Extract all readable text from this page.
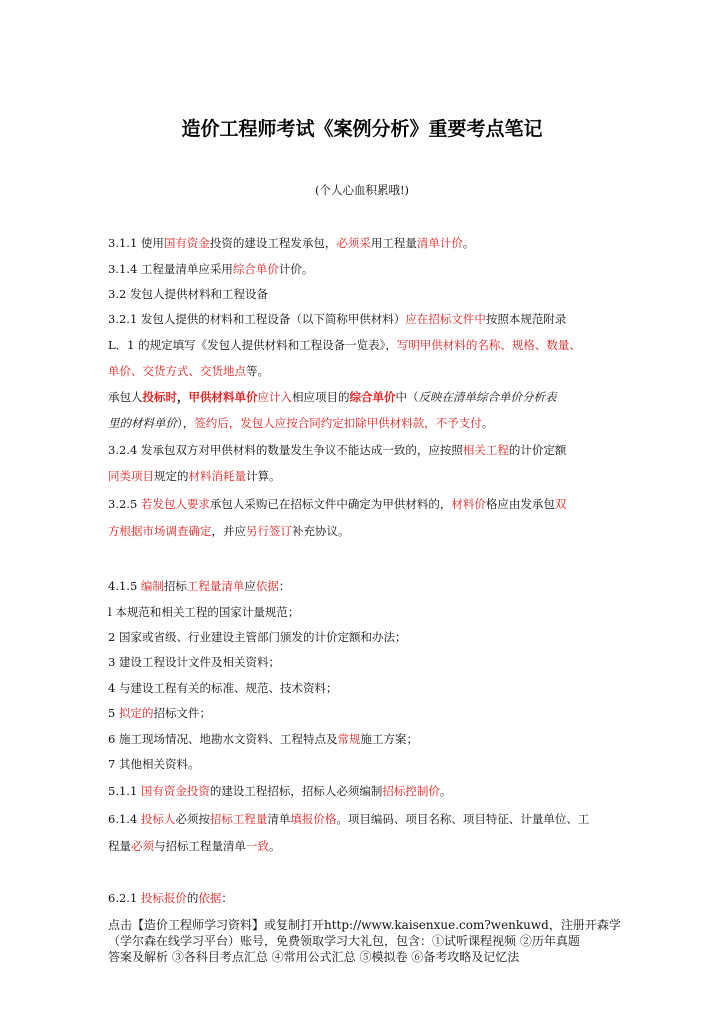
造价工程师考试《案例分析》重要考点笔记
(个人心血积累哦!)
3.1.1 使用国有资金投资的建设工程发承包，必须采用工程量清单计价。
3.1.4 工程量清单应采用综合单价计价。
3.2 发包人提供材料和工程设备
3.2.1 发包人提供的材料和工程设备（以下简称甲供材料）应在招标文件中按照本规范附录
L．1 的规定填写《发包人提供材料和工程设备一览表》，写明甲供材料的名称、规格、数量、
单价、交货方式、交货地点等。
承包人投标时，甲供材料单价应计入相应项目的综合单价中（反映在清单综合单价分析表
里的材料单价），签约后，发包人应按合同约定扣除甲供材料款，不予支付。
3.2.4 发承包双方对甲供材料的数量发生争议不能达成一致的，应按照相关工程的计价定额
同类项目规定的材料消耗量计算。
3.2.5 若发包人要求承包人采购已在招标文件中确定为甲供材料的，材料价格应由发承包双
方根据市场调查确定，并应另行签订补充协议。
4.1.5 编制招标工程量清单应依据：
l 本规范和相关工程的国家计量规范；
2 国家或省级、行业建设主管部门颁发的计价定额和办法；
3 建设工程设计文件及相关资料；
4 与建设工程有关的标准、规范、技术资料；
5 拟定的招标文件；
6 施工现场情况、地勘水文资料、工程特点及常规施工方案；
7 其他相关资料。
5.1.1 国有资金投资的建设工程招标，招标人必须编制招标控制价。
6.1.4 投标人必须按招标工程量清单填报价格。项目编码、项目名称、项目特征、计量单位、工
程量必须与招标工程量清单一致。
6.2.1 投标报价的依据：
点击【造价工程师学习资料】或复制打开http://www.kaisenxue.com?wenkuwd，注册开森学
（学尔森在线学习平台）账号，免费领取学习大礼包，包含：①试听课程视频 ②历年真题
答案及解析 ③各科目考点汇总 ④常用公式汇总 ⑤模拟卷 ⑥备考攻略及记忆法
